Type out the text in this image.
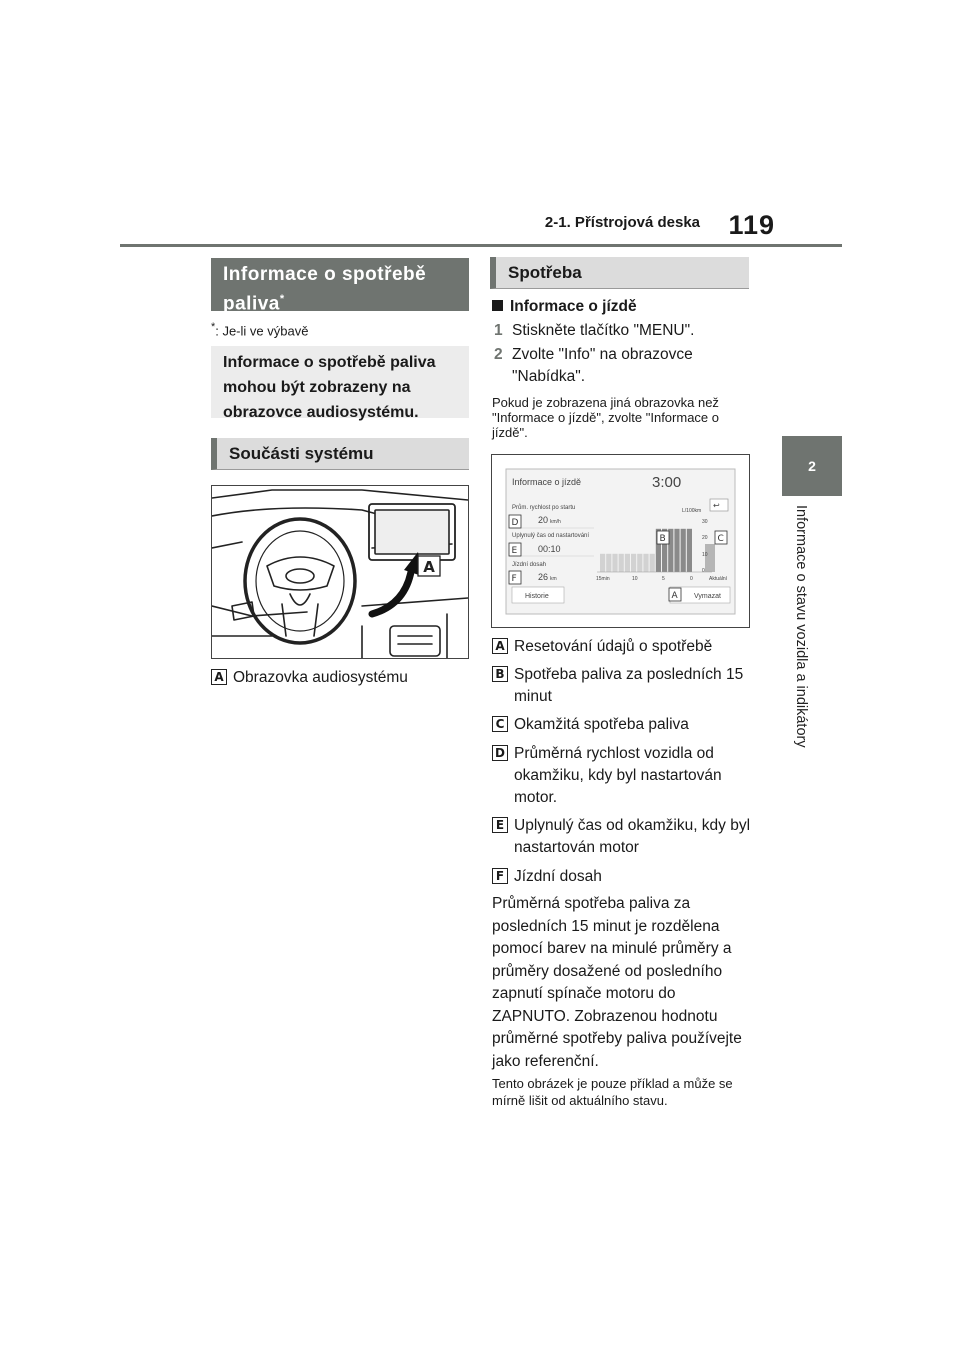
2-1. Přístrojová deska	119
2
Informace o stavu vozidla a indikátory
Informace o spotřebě paliva*
*: Je-li ve výbavě
Informace o spotřebě paliva mohou být zobrazeny na obrazovce audiosystému.
Součásti systému
A
A Obrazovka audiosystému
Spotřeba
Informace o jízdě
1 Stiskněte tlačítko "MENU".
2 Zvolte "Info" na obrazovce "Nabídka".
Pokud je zobrazena jiná obrazovka než "Informace o jízdě", zvolte "Informace o jízdě".
Informace o jízdě	3:00
↩
Prům. rychlost po startu
20 km/h
Uplynulý čas od nastartování
00:10
Jízdní dosah
26 km
L/100km
30
20
10
0
15min	10	5	0	Aktuální
Historie	Vymazat
A
B	C
D
E
F
A Resetování údajů o spotřebě
B Spotřeba paliva za posledních 15 minut
C Okamžitá spotřeba paliva
D Průměrná rychlost vozidla od okamžiku, kdy byl nastartován motor.
E Uplynulý čas od okamžiku, kdy byl nastartován motor
F Jízdní dosah
Průměrná spotřeba paliva za posledních 15 minut je rozdělena pomocí barev na minulé průměry a průměry dosažené od posledního zapnutí spínače motoru do ZAPNUTO. Zobrazenou hodnotu průměrné spotřeby paliva používejte jako referenční.
Tento obrázek je pouze příklad a může se mírně lišit od aktuálního stavu.
